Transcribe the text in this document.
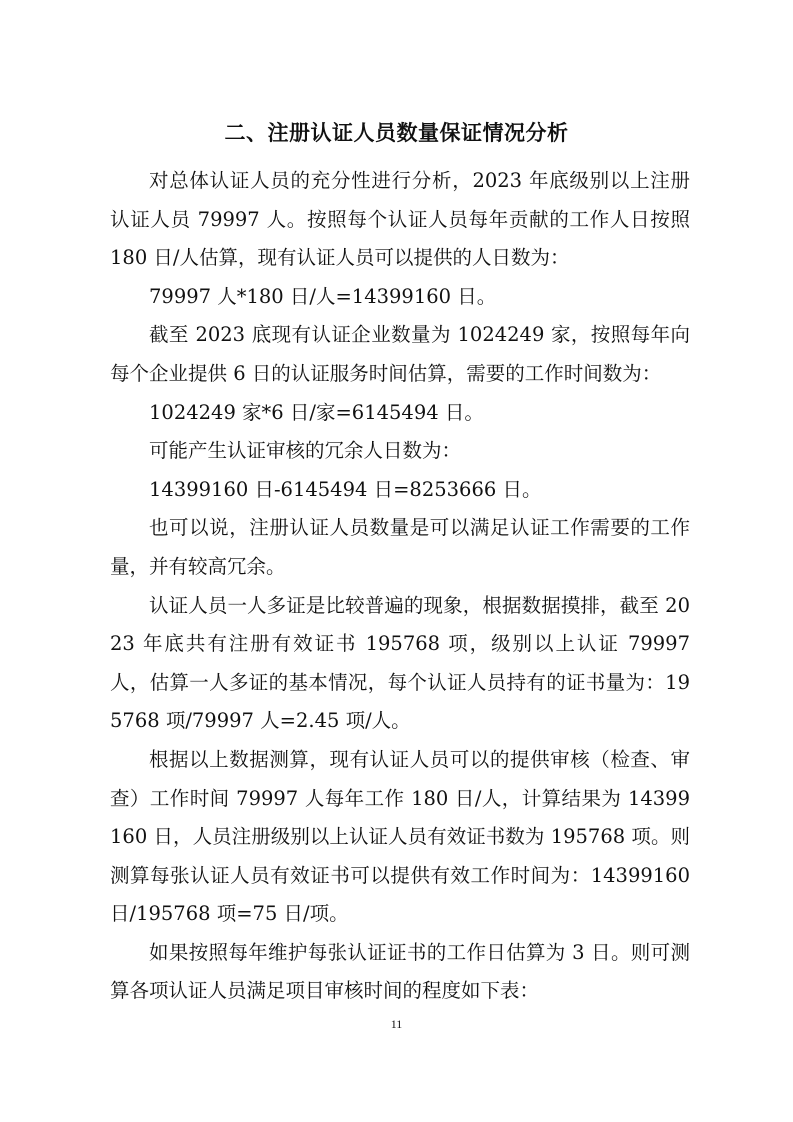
二、注册认证人员数量保证情况分析

对总体认证人员的充分性进行分析，2023 年底级别以上注册认证人员 79997 人。按照每个认证人员每年贡献的工作人日按照 180 日/人估算，现有认证人员可以提供的人日数为：

79997 人*180 日/人=14399160 日。

截至 2023 底现有认证企业数量为 1024249 家，按照每年向每个企业提供 6 日的认证服务时间估算，需要的工作时间数为：

1024249 家*6 日/家=6145494 日。

可能产生认证审核的冗余人日数为：

14399160 日-6145494 日=8253666 日。

也可以说，注册认证人员数量是可以满足认证工作需要的工作量，并有较高冗余。

认证人员一人多证是比较普遍的现象，根据数据摸排，截至 2023 年底共有注册有效证书 195768 项，级别以上认证 79997 人，估算一人多证的基本情况，每个认证人员持有的证书量为：195768 项/79997 人=2.45 项/人。

根据以上数据测算，现有认证人员可以的提供审核（检查、审查）工作时间 79997 人每年工作 180 日/人，计算结果为 14399160 日，人员注册级别以上认证人员有效证书数为 195768 项。则测算每张认证人员有效证书可以提供有效工作时间为：14399160 日/195768 项=75 日/项。

如果按照每年维护每张认证证书的工作日估算为 3 日。则可测算各项认证人员满足项目审核时间的程度如下表：

11
